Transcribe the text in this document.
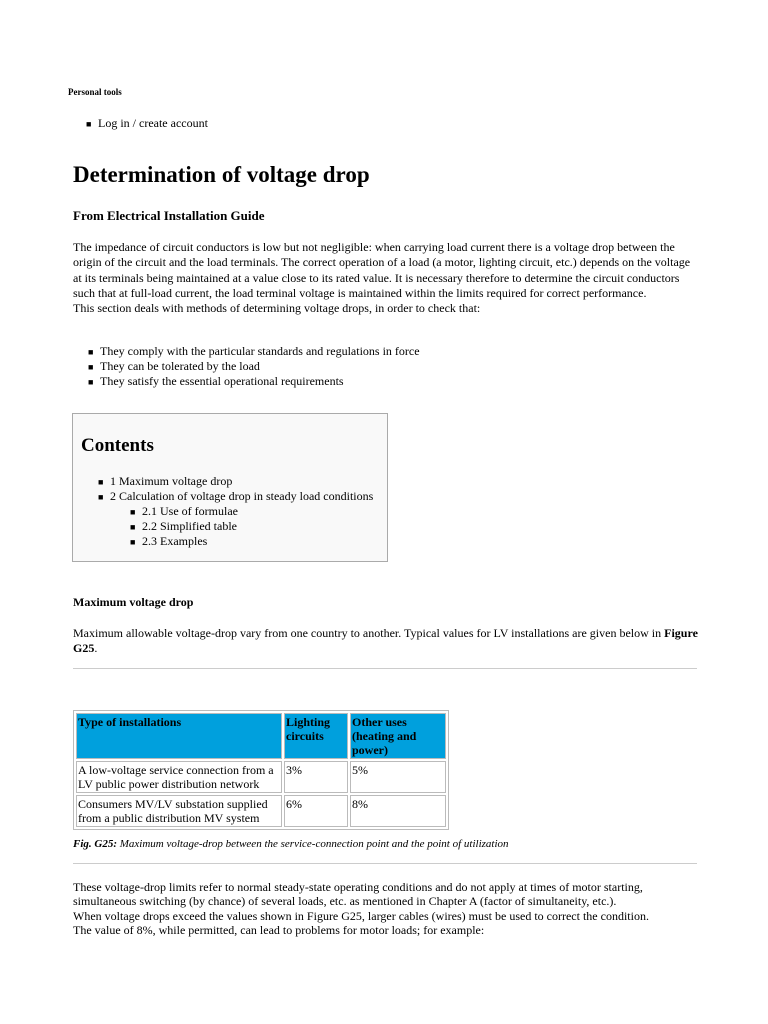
Personal tools
■ Log in / create account
Determination of voltage drop
From Electrical Installation Guide

The impedance of circuit conductors is low but not negligible: when carrying load current there is a voltage drop between the origin of the circuit and the load terminals. The correct operation of a load (a motor, lighting circuit, etc.) depends on the voltage at its terminals being maintained at a value close to its rated value. It is necessary therefore to determine the circuit conductors such that at full-load current, the load terminal voltage is maintained within the limits required for correct performance.
This section deals with methods of determining voltage drops, in order to check that:

■ They comply with the particular standards and regulations in force
■ They can be tolerated by the load
■ They satisfy the essential operational requirements
Contents
■ 1 Maximum voltage drop
■ 2 Calculation of voltage drop in steady load conditions
■ 2.1 Use of formulae
■ 2.2 Simplified table
■ 2.3 Examples
Maximum voltage drop

Maximum allowable voltage-drop vary from one country to another. Typical values for LV installations are given below in Figure G25.

Type of installations	Lighting circuits	Other uses (heating and power)
A low-voltage service connection from a LV public power distribution network	3%	5%
Consumers MV/LV substation supplied from a public distribution MV system	6%	8%
Fig. G25: Maximum voltage-drop between the service-connection point and the point of utilization

These voltage-drop limits refer to normal steady-state operating conditions and do not apply at times of motor starting, simultaneous switching (by chance) of several loads, etc. as mentioned in Chapter A (factor of simultaneity, etc.).
When voltage drops exceed the values shown in Figure G25, larger cables (wires) must be used to correct the condition.
The value of 8%, while permitted, can lead to problems for motor loads; for example:
